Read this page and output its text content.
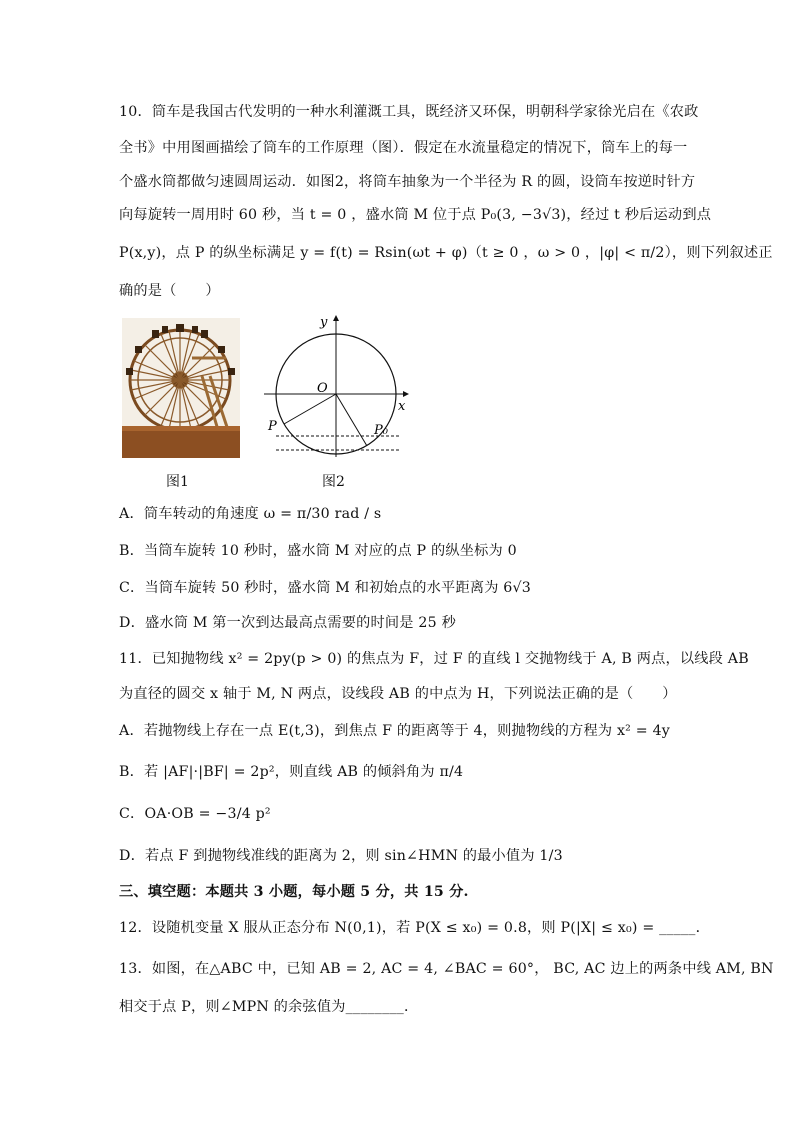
10．筒车是我国古代发明的一种水利灌溉工具，既经济又环保，明朝科学家徐光启在《农政
全书》中用图画描绘了筒车的工作原理（图）．假定在水流量稳定的情况下，筒车上的每一
个盛水筒都做匀速圆周运动．如图2，将筒车抽象为一个半径为 R 的圆，设筒车按逆时针方
向每旋转一周用时 60 秒，当 t = 0 ，盛水筒 M 位于点 P₀(3, −3√3)，经过 t 秒后运动到点
P(x,y)，点 P 的纵坐标满足 y = f(t) = Rsin(ωt + φ)（t ≥ 0 ，ω > 0 ，|φ| < π/2），则下列叙述正
确的是（　　）
图1
y
x
O
P	P₀
图2
A．筒车转动的角速度 ω = π/30 rad / s
B．当筒车旋转 10 秒时，盛水筒 M 对应的点 P 的纵坐标为 0
C．当筒车旋转 50 秒时，盛水筒 M 和初始点的水平距离为 6√3
D．盛水筒 M 第一次到达最高点需要的时间是 25 秒
11．已知抛物线 x² = 2py(p > 0) 的焦点为 F，过 F 的直线 l 交抛物线于 A, B 两点，以线段 AB
为直径的圆交 x 轴于 M, N 两点，设线段 AB 的中点为 H，下列说法正确的是（　　）
A．若抛物线上存在一点 E(t,3)，到焦点 F 的距离等于 4，则抛物线的方程为 x² = 4y
B．若 |AF|·|BF| = 2p²，则直线 AB 的倾斜角为 π/4
C．OA·OB = −3/4 p²
D．若点 F 到抛物线准线的距离为 2，则 sin∠HMN 的最小值为 1/3
三、填空题：本题共 3 小题，每小题 5 分，共 15 分.
12．设随机变量 X 服从正态分布 N(0,1)，若 P(X ≤ x₀) = 0.8，则 P(|X| ≤ x₀) = _____．
13．如图，在△ABC 中，已知 AB = 2, AC = 4, ∠BAC = 60°， BC, AC 边上的两条中线 AM, BN
相交于点 P，则∠MPN 的余弦值为________．
